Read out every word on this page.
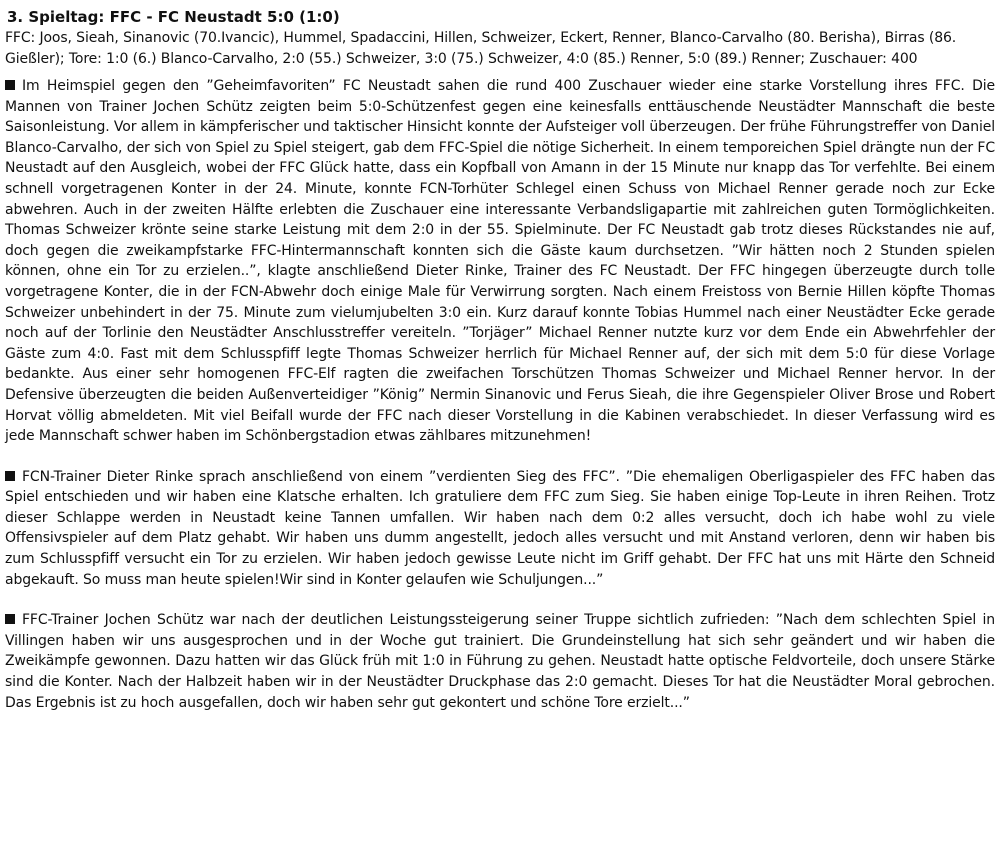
3. Spieltag: FFC - FC Neustadt 5:0 (1:0)

FFC: Joos, Sieah, Sinanovic (70.Ivancic), Hummel, Spadaccini, Hillen, Schweizer, Eckert, Renner, Blanco-Carvalho (80. Berisha), Birras (86. Gießler); Tore: 1:0 (6.) Blanco-Carvalho, 2:0 (55.) Schweizer, 3:0 (75.) Schweizer, 4:0 (85.) Renner, 5:0 (89.) Renner; Zuschauer: 400

Im Heimspiel gegen den ”Geheimfavoriten” FC Neustadt sahen die rund 400 Zuschauer wieder eine starke Vorstellung ihres FFC. Die Mannen von Trainer Jochen Schütz zeigten beim 5:0-Schützenfest gegen eine keinesfalls enttäuschende Neustädter Mannschaft die beste Saisonleistung. Vor allem in kämpferischer und taktischer Hinsicht konnte der Aufsteiger voll überzeugen. Der frühe Führungstreffer von Daniel Blanco-Carvalho, der sich von Spiel zu Spiel steigert, gab dem FFC-Spiel die nötige Sicherheit. In einem temporeichen Spiel drängte nun der FC Neustadt auf den Ausgleich, wobei der FFC Glück hatte, dass ein Kopfball von Amann in der 15 Minute nur knapp das Tor verfehlte. Bei einem schnell vorgetragenen Konter in der 24. Minute, konnte FCN-Torhüter Schlegel einen Schuss von Michael Renner gerade noch zur Ecke abwehren. Auch in der zweiten Hälfte erlebten die Zuschauer eine interessante Verbandsligapartie mit zahlreichen guten Tormöglichkeiten. Thomas Schweizer krönte seine starke Leistung mit dem 2:0 in der 55. Spielminute. Der FC Neustadt gab trotz dieses Rückstandes nie auf, doch gegen die zweikampfstarke FFC-Hintermannschaft konnten sich die Gäste kaum durchsetzen. ”Wir hätten noch 2 Stunden spielen können, ohne ein Tor zu erzielen..”, klagte anschließend Dieter Rinke, Trainer des FC Neustadt. Der FFC hingegen überzeugte durch tolle vorgetragene Konter, die in der FCN-Abwehr doch einige Male für Verwirrung sorgten. Nach einem Freistoss von Bernie Hillen köpfte Thomas Schweizer unbehindert in der 75. Minute zum vielumjubelten 3:0 ein. Kurz darauf konnte Tobias Hummel nach einer Neustädter Ecke gerade noch auf der Torlinie den Neustädter Anschlusstreffer vereiteln. ”Torjäger” Michael Renner nutzte kurz vor dem Ende ein Abwehrfehler der Gäste zum 4:0. Fast mit dem Schlusspfiff legte Thomas Schweizer herrlich für Michael Renner auf, der sich mit dem 5:0 für diese Vorlage bedankte. Aus einer sehr homogenen FFC-Elf ragten die zweifachen Torschützen Thomas Schweizer und Michael Renner hervor. In der Defensive überzeugten die beiden Außenverteidiger ”König” Nermin Sinanovic und Ferus Sieah, die ihre Gegenspieler Oliver Brose und Robert Horvat völlig abmeldeten. Mit viel Beifall wurde der FFC nach dieser Vorstellung in die Kabinen verabschiedet. In dieser Verfassung wird es jede Mannschaft schwer haben im Schönbergstadion etwas zählbares mitzunehmen!

FCN-Trainer Dieter Rinke sprach anschließend von einem ”verdienten Sieg des FFC”. ”Die ehemaligen Oberligaspieler des FFC haben das Spiel entschieden und wir haben eine Klatsche erhalten. Ich gratuliere dem FFC zum Sieg. Sie haben einige Top-Leute in ihren Reihen. Trotz dieser Schlappe werden in Neustadt keine Tannen umfallen. Wir haben nach dem 0:2 alles versucht, doch ich habe wohl zu viele Offensivspieler auf dem Platz gehabt. Wir haben uns dumm angestellt, jedoch alles versucht und mit Anstand verloren, denn wir haben bis zum Schlusspfiff versucht ein Tor zu erzielen. Wir haben jedoch gewisse Leute nicht im Griff gehabt. Der FFC hat uns mit Härte den Schneid abgekauft. So muss man heute spielen!Wir sind in Konter gelaufen wie Schuljungen...”

FFC-Trainer Jochen Schütz war nach der deutlichen Leistungssteigerung seiner Truppe sichtlich zufrieden: ”Nach dem schlechten Spiel in Villingen haben wir uns ausgesprochen und in der Woche gut trainiert. Die Grundeinstellung hat sich sehr geändert und wir haben die Zweikämpfe gewonnen. Dazu hatten wir das Glück früh mit 1:0 in Führung zu gehen. Neustadt hatte optische Feldvorteile, doch unsere Stärke sind die Konter. Nach der Halbzeit haben wir in der Neustädter Druckphase das 2:0 gemacht. Dieses Tor hat die Neustädter Moral gebrochen. Das Ergebnis ist zu hoch ausgefallen, doch wir haben sehr gut gekontert und schöne Tore erzielt...”
